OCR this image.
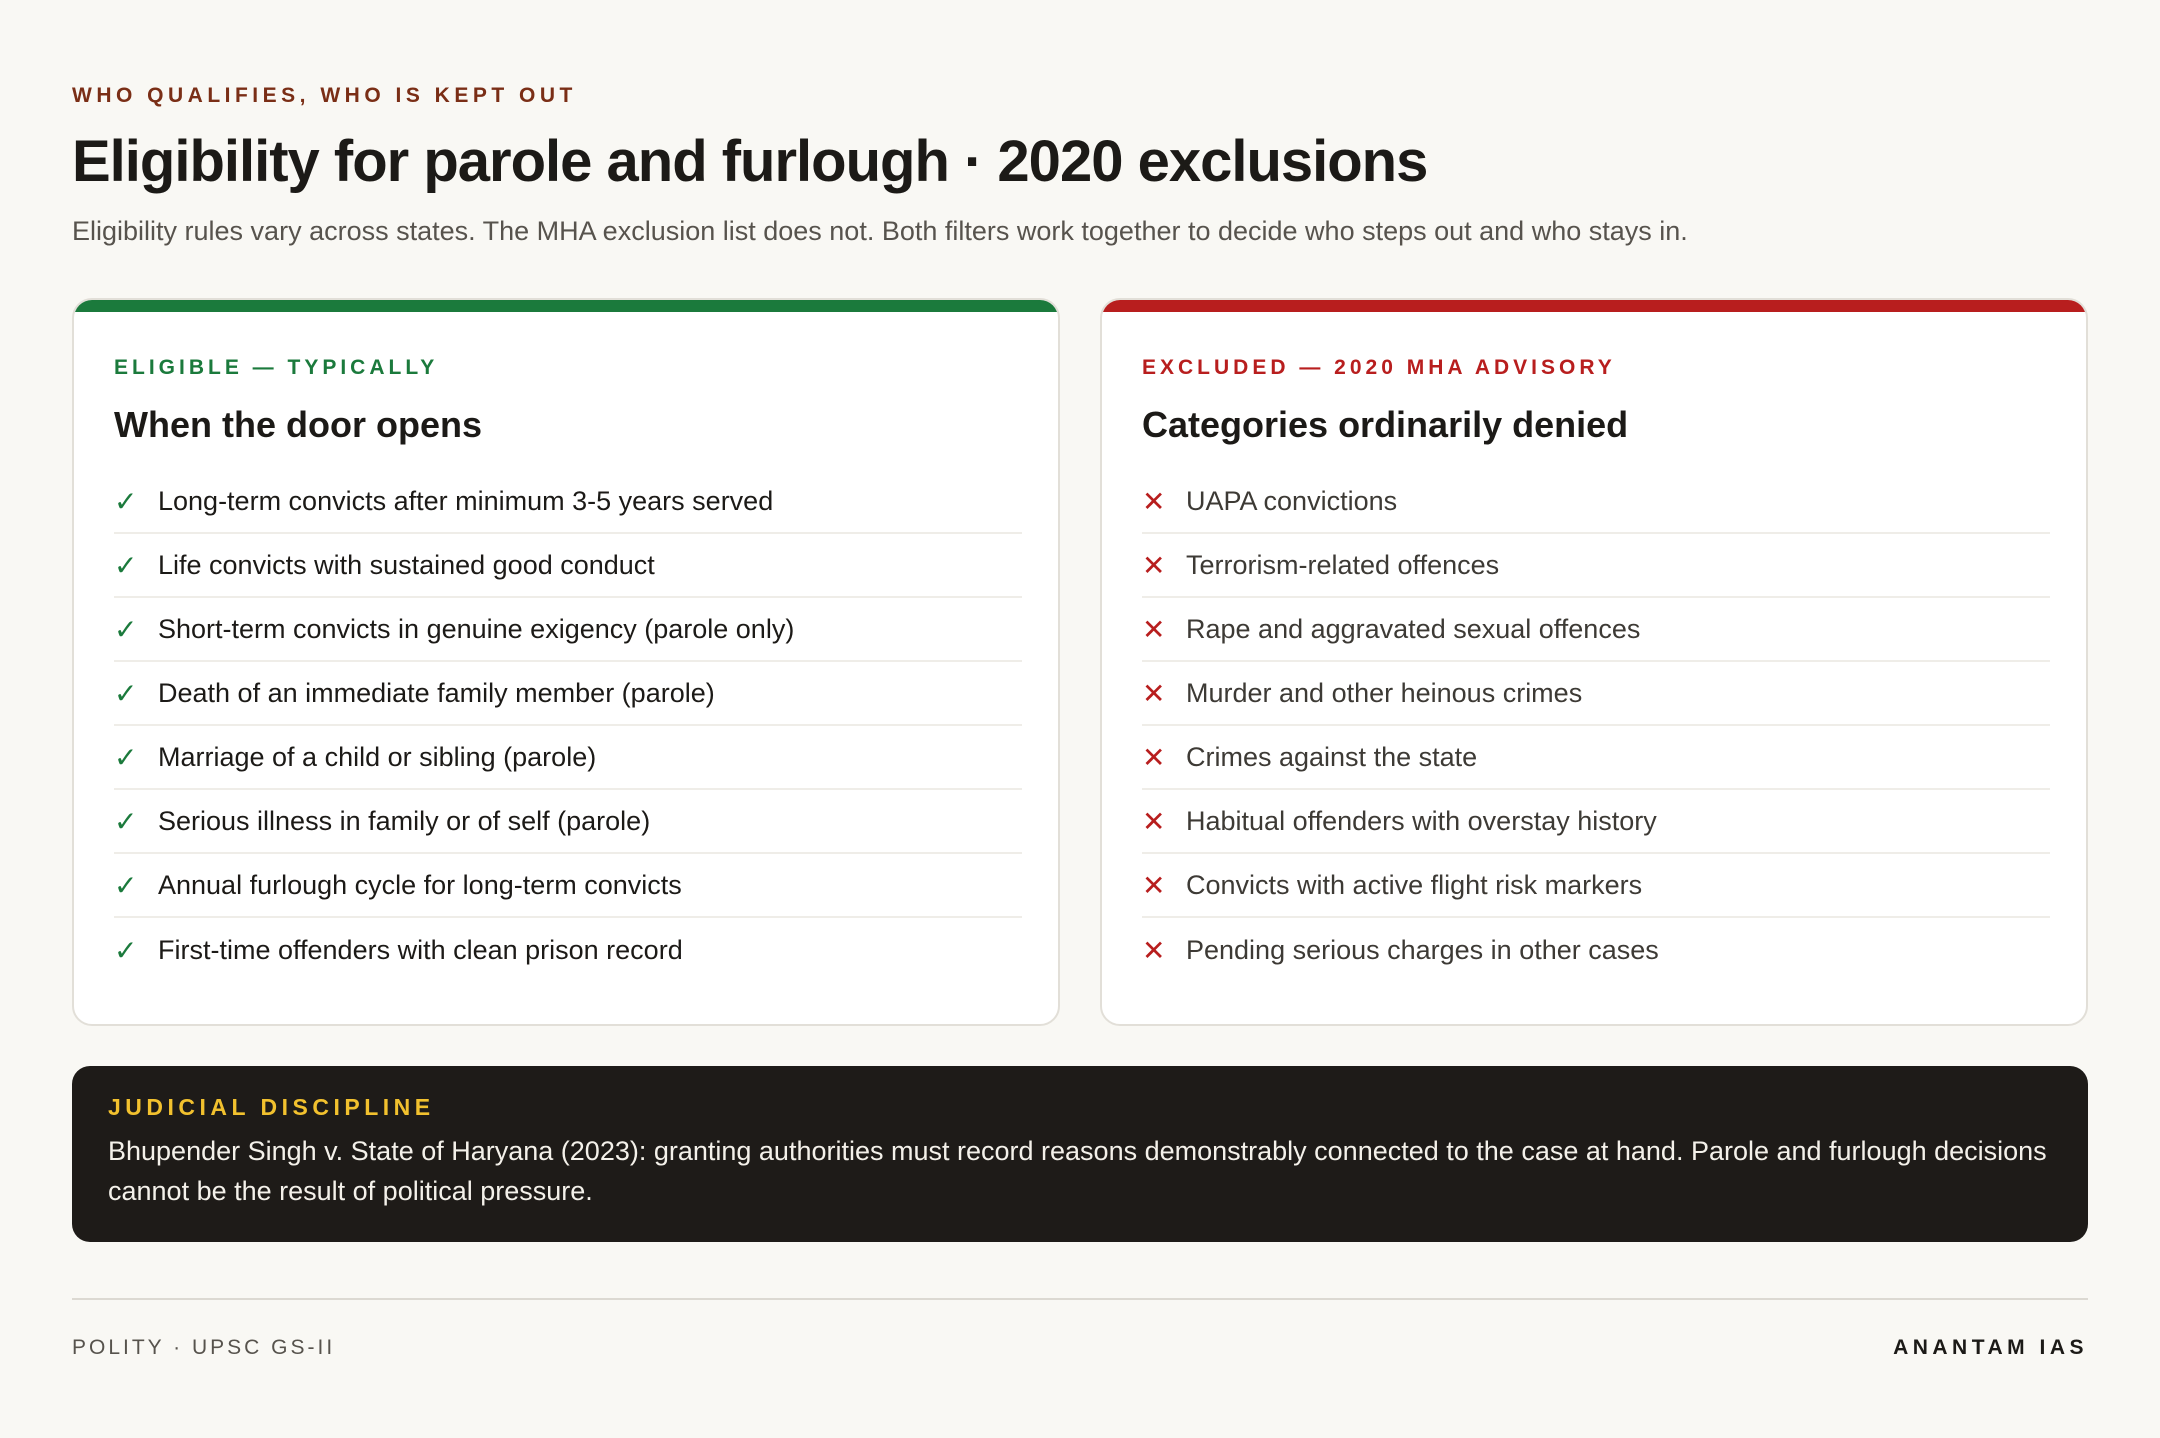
WHO QUALIFIES, WHO IS KEPT OUT
Eligibility for parole and furlough · 2020 exclusions

Eligibility rules vary across states. The MHA exclusion list does not. Both filters work together to decide who steps out and who stays in.

ELIGIBLE — TYPICALLY
When the door opens
✓ Long-term convicts after minimum 3-5 years served
✓ Life convicts with sustained good conduct
✓ Short-term convicts in genuine exigency (parole only)
✓ Death of an immediate family member (parole)
✓ Marriage of a child or sibling (parole)
✓ Serious illness in family or of self (parole)
✓ Annual furlough cycle for long-term convicts
✓ First-time offenders with clean prison record
EXCLUDED — 2020 MHA ADVISORY
Categories ordinarily denied
✕ UAPA convictions
✕ Terrorism-related offences
✕ Rape and aggravated sexual offences
✕ Murder and other heinous crimes
✕ Crimes against the state
✕ Habitual offenders with overstay history
✕ Convicts with active flight risk markers
✕ Pending serious charges in other cases
JUDICIAL DISCIPLINE

Bhupender Singh v. State of Haryana (2023): granting authorities must record reasons demonstrably connected to the case at hand. Parole and furlough decisions cannot be the result of political pressure.

POLITY · UPSC GS-II	ANANTAM IAS
